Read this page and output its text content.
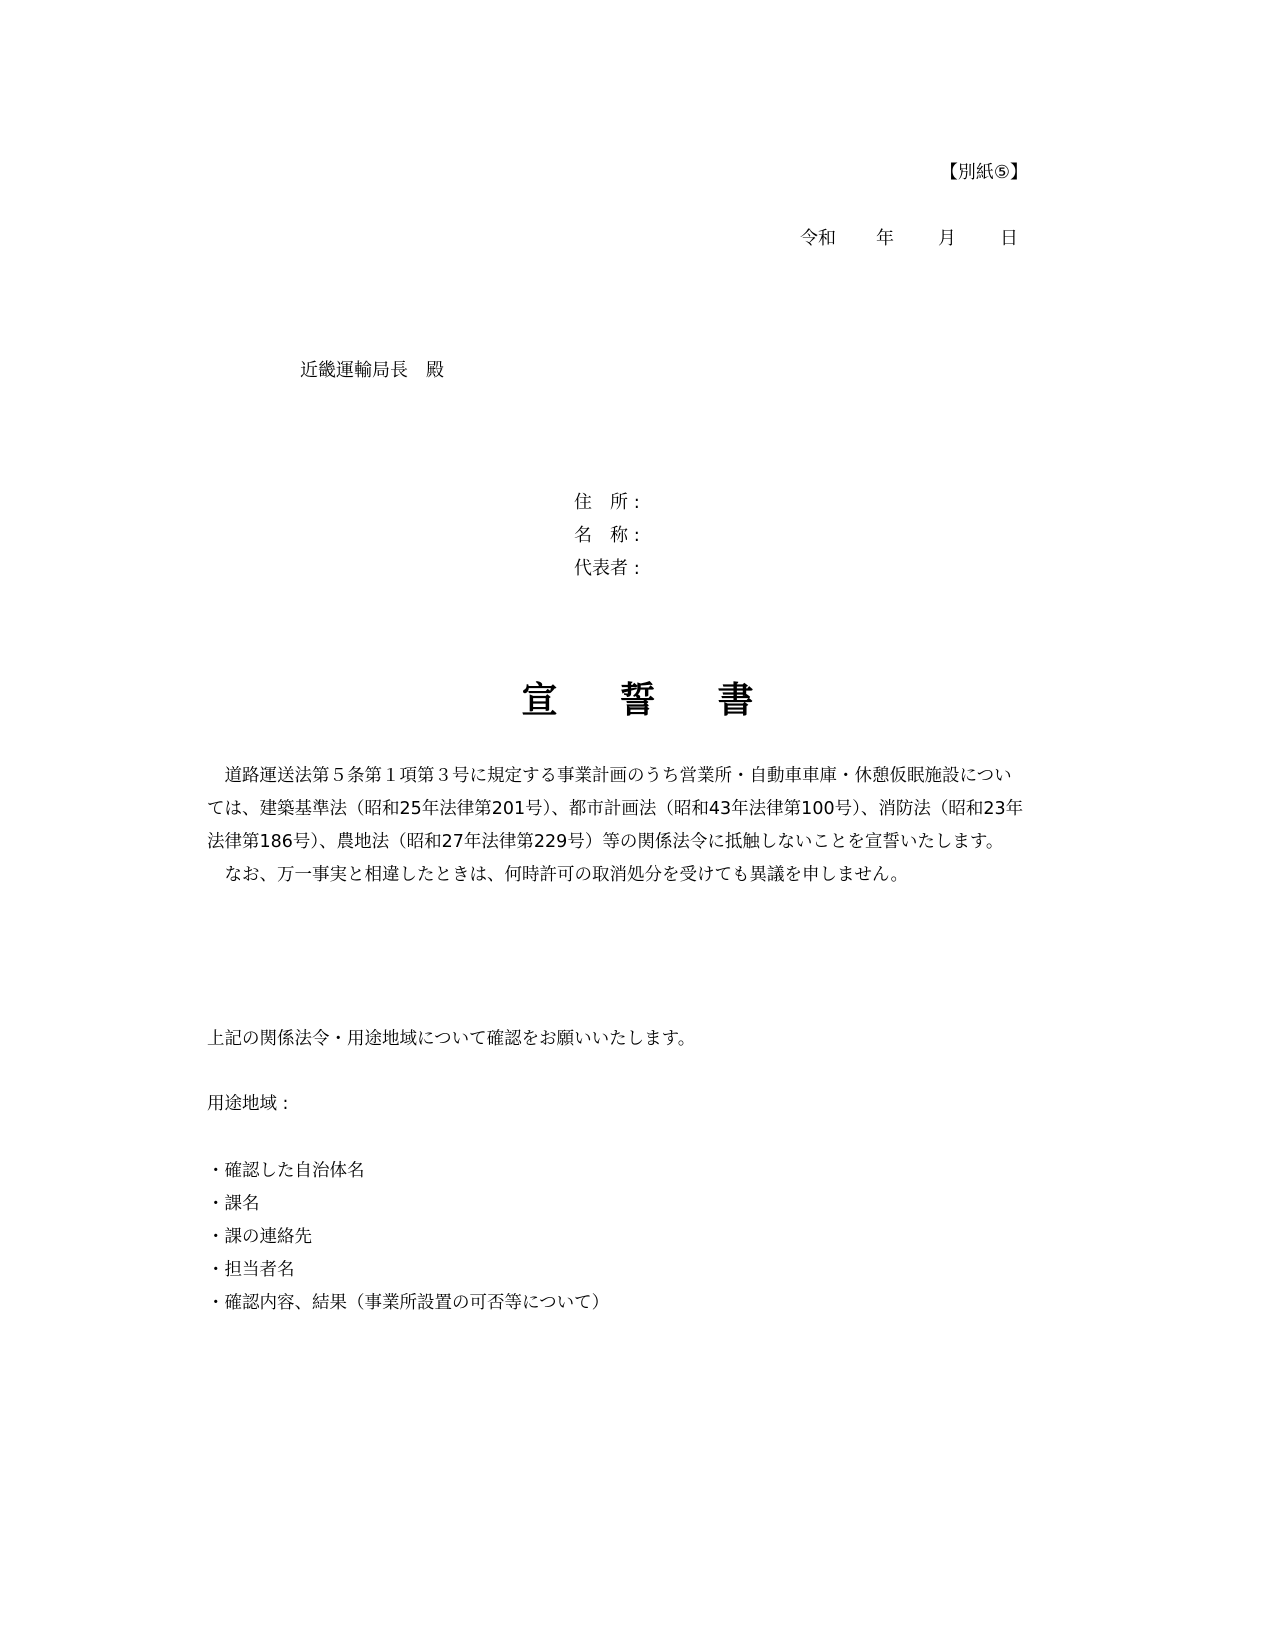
【別紙⑤】
令和 年 月 日
近畿運輸局長　殿
住　所 :
名　称 :
代表者 :
宣誓書

道路運送法第５条第１項第３号に規定する事業計画のうち営業所・自動車車庫・休憩仮眠施設については、建築基準法（昭和25年法律第201号）、都市計画法（昭和43年法律第100号）、消防法（昭和23年法律第186号）、農地法（昭和27年法律第229号）等の関係法令に抵触しないことを宣誓いたします。

なお、万一事実と相違したときは、何時許可の取消処分を受けても異議を申しません。

上記の関係法令・用途地域について確認をお願いいたします。
用途地域 :
・確認した自治体名
・課名
・課の連絡先
・担当者名
・確認内容、結果（事業所設置の可否等について）
